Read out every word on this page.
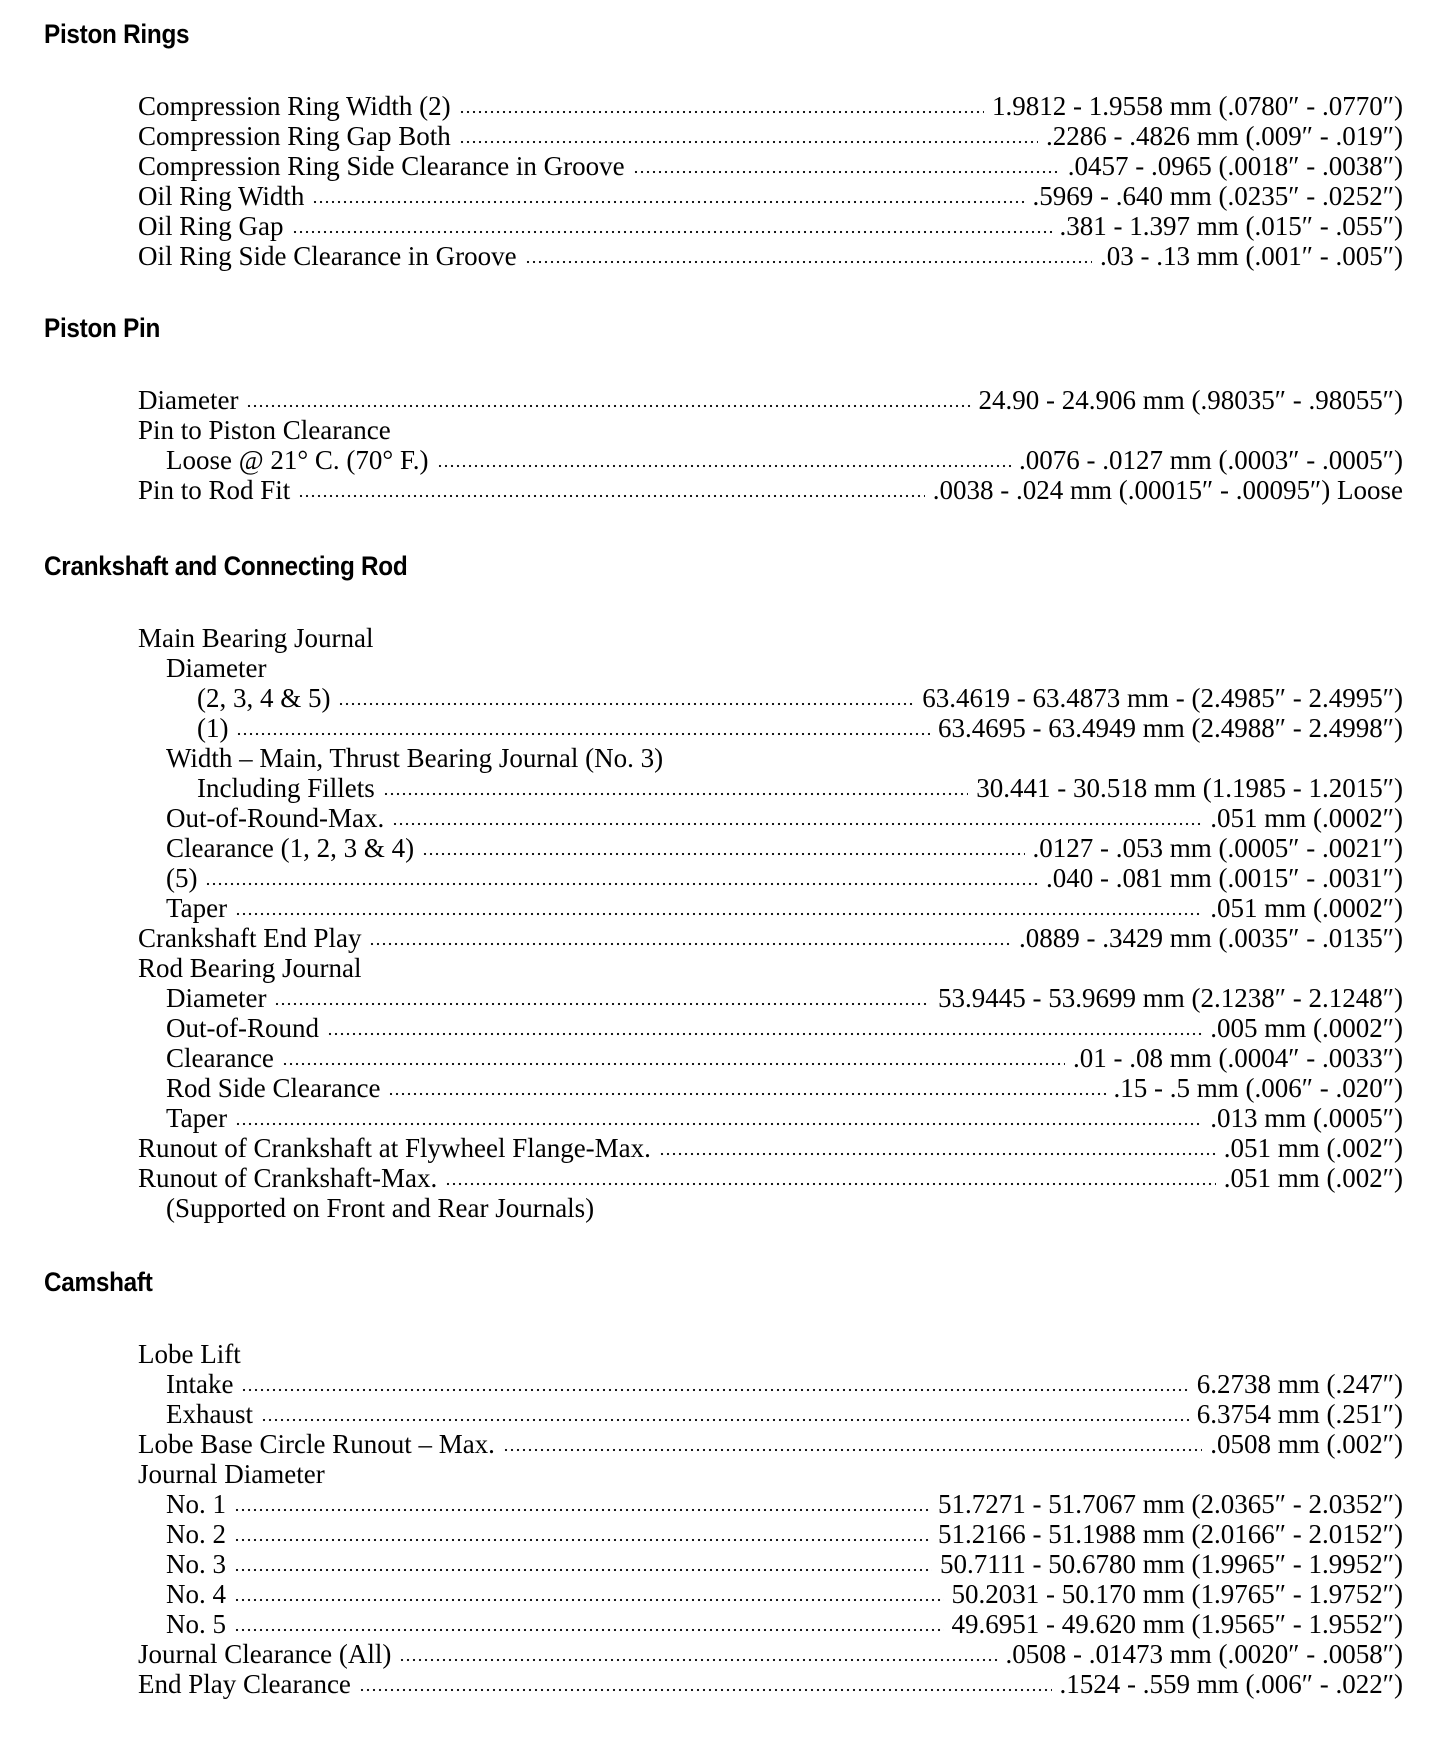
Piston Rings
Compression Ring Width (2)	1.9812 - 1.9558 mm (.0780″ - .0770″)
Compression Ring Gap Both	.2286 - .4826 mm (.009″ - .019″)
Compression Ring Side Clearance in Groove	.0457 - .0965 (.0018″ - .0038″)
Oil Ring Width	.5969 - .640 mm (.0235″ - .0252″)
Oil Ring Gap	.381 - 1.397 mm (.015″ - .055″)
Oil Ring Side Clearance in Groove	.03 - .13 mm (.001″ - .005″)
Piston Pin
Diameter	24.90 - 24.906 mm (.98035″ - .98055″)
Pin to Piston Clearance
Loose @ 21° C. (70° F.)	.0076 - .0127 mm (.0003″ - .0005″)
Pin to Rod Fit	.0038 - .024 mm (.00015″ - .00095″) Loose
Crankshaft and Connecting Rod
Main Bearing Journal
Diameter
(2, 3, 4 & 5)	63.4619 - 63.4873 mm - (2.4985″ - 2.4995″)
(1)	63.4695 - 63.4949 mm (2.4988″ - 2.4998″)
Width – Main, Thrust Bearing Journal (No. 3)
Including Fillets	30.441 - 30.518 mm (1.1985 - 1.2015″)
Out-of-Round-Max.	.051 mm (.0002″)
Clearance (1, 2, 3 & 4)	.0127 - .053 mm (.0005″ - .0021″)
(5)	.040 - .081 mm (.0015″ - .0031″)
Taper	.051 mm (.0002″)
Crankshaft End Play	.0889 - .3429 mm (.0035″ - .0135″)
Rod Bearing Journal
Diameter	53.9445 - 53.9699 mm (2.1238″ - 2.1248″)
Out-of-Round	.005 mm (.0002″)
Clearance	.01 - .08 mm (.0004″ - .0033″)
Rod Side Clearance	.15 - .5 mm (.006″ - .020″)
Taper	.013 mm (.0005″)
Runout of Crankshaft at Flywheel Flange-Max.	.051 mm (.002″)
Runout of Crankshaft-Max.	.051 mm (.002″)
(Supported on Front and Rear Journals)
Camshaft
Lobe Lift
Intake	6.2738 mm (.247″)
Exhaust	6.3754 mm (.251″)
Lobe Base Circle Runout – Max.	.0508 mm (.002″)
Journal Diameter
No. 1	51.7271 - 51.7067 mm (2.0365″ - 2.0352″)
No. 2	51.2166 - 51.1988 mm (2.0166″ - 2.0152″)
No. 3	50.7111 - 50.6780 mm (1.9965″ - 1.9952″)
No. 4	50.2031 - 50.170 mm (1.9765″ - 1.9752″)
No. 5	49.6951 - 49.620 mm (1.9565″ - 1.9552″)
Journal Clearance (All)	.0508 - .01473 mm (.0020″ - .0058″)
End Play Clearance	.1524 - .559 mm (.006″ - .022″)
